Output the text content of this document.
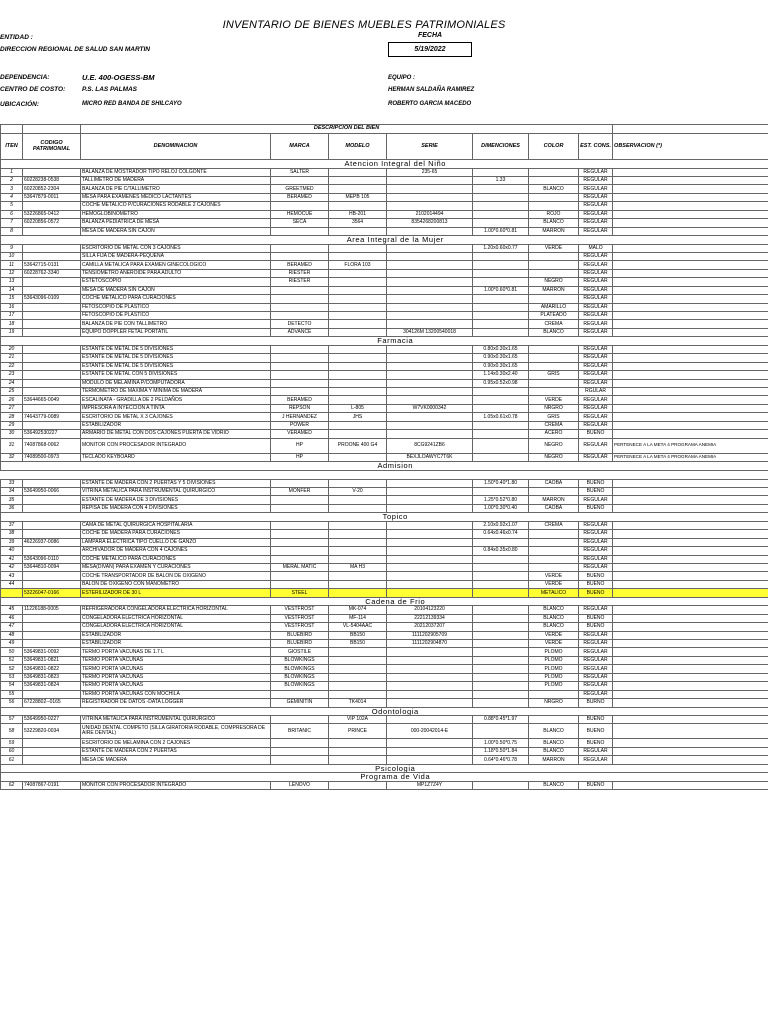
INVENTARIO DE BIENES MUEBLES PATRIMONIALES
FECHA
5/19/2022
ENTIDAD :
DIRECCION REGIONAL DE SALUD SAN MARTIN
DEPENDENCIA:	U.E. 400-OGESS-BM
CENTRO DE COSTO:	P.S. LAS PALMAS
UBICACIÓN:	MICRO RED BANDA DE SHILCAYO
EQUIPO :
HERMAN SALDAÑA RAMIREZ
ROBERTO GARCIA MACEDO
		DESCRIPCION DEL BIEN							
ITEN	CODIGO PATRIMONIAL	DENOMINACION	MARCA	MODELO	SERIE	DIMENCIONES	COLOR	EST. CONS.	OBSERVACION (*)
	Atencion Integral del Niño								
1		BALANZA DE MOSTRADOR TIPO RELOJ COLGONTE	SALTER		235-65			REGULAR	
2	60228238-0538	TALLIMETRO DE MADERA				1.33		REGULAR	
3	60220852-2304	BALANZA DE PIE C/TALLIMETRO	GREETMED				BLANCO	REGULAR	
4	53647879-0011	MESA PARA EXAMENES MEDICO LACTANTES	BERAMED	MEPB 105				REGULAR	
5		COCHE METALICO P/CURACIONES RODABLE 2 CAJONES						REGULAR	
6	53226865-0412	HEMOGLOBINOMETRO	HEMOCUE	HB-201	2102014494		ROJO	REGULAR	
7	60220856-0572	BALANZA PEDIATRICA DE MESA	SECA	3564	8354268200813		BLANCO	REGULAR	
8		MESA DE MADERA SIN CAJON				1.00*0.60*0.81	MARRON	REGULAR	
	Area Integral de la Mujer								
9		ESCRITORIO DE METAL CON 3 CAJONES				1.20x0.60x0.77	VERDE	MALO	
10		SILLA FIJA DE MADERA-PEQUEÑA						REGULAR	
11	53642715-0131	CAMILLA METALICA PARA EXAMEN GINECOLOGICO	BERAMED	FLORA 103				REGULAR	
12	60228762-3340	TENSIOMETRO ANEROIDE PARA ADULTO	RIESTER					REGULAR	
13		ESTETOSCOPIO	RIESTER				NEGRO	REGULAR	
14		MESA DE MADERA SIN CAJON				1.00*0.60*0.81	MARRON	REGULAR	
15	53643096-0109	COCHE METALICO PARA CURACIONES						REGULAR	
16		FETOSCOPIO DE PLASTICO					AMARILLO	REGULAR	
17		FETOSCOPIO DE PLASTICO					PLATEADO	REGULAR	
18		BALANZA DE PIE CON TALLIMETRO	DETECTO				CREMA	REGULAR	
19		EQUIPO DOPPLER FETAL PORTATIL	ADVANCE		304126M 13200540018		BLANCO	REGULAR	
	Farmacia								
20		ESTANTE DE METAL DE 5 DIVISIONES				0.80x0.30x1.65		REGULAR	
21		ESTANTE DE METAL DE 5 DIVISIONES				0.90x0.30x1.65		REGULAR	
22		ESTANTE DE METAL DE 5 DIVISIONES				0.90x0.30x1.65		REGULAR	
23		ESTANTE DE METAL CON 5 DIVISIONES				1.14x0.30x2.40	GRIS	REGULAR	
24		MODULO DE MELAMINA P/COMPUTADORA				0.95x0.52x0.98		REGULAR	
25		TERMOMETRO DE MAXIMA Y MINIMA DE MADERA						RGULAR	
26	53644665-0049	ESCALINATA - GRADILLA DE 2 PELDAÑOS	BERAMED				VERDE	REGULAR	
27		IMPRESORA A INYECCION A TINTA	REPSON	L-805	W7VK0000342		NRGRO	REGULAR	
28	74643779-0089	ESCRITORIO DE METAL X 3 CAJONES	J HERNANDEZ	JHS		1.05x0.61x0.78	GRIS	REGULAR	
29		ESTABILIZADOR	POWER				CREMA	REGULAR	
30	536492530227	ARMARIO DE METAL CON DOS CAJONES PUERTA DE VIDRIO	VERAMED				ACERO	BUENO	
31	74087868-0062	MONITOR CON PROCESADOR INTEGRADO	HP	PROONE 400 G4	8CG9241ZB6		NEGRO	REGULAR	PERTENECE A LA META 4 PROGRAMA ANEMIA
32	74089500-0973	TECLADO KEYBOARD	HP		BEXJLOAWYC7T6K		NEGRO	REGULAR	PERTENECE A LA META 4 PROGRAMA ANEMIA
	Admision								

33		ESTANTE DE MADERA CON 2 PUERTAS Y 5 DIVISIONES				1.50*0.40*1.80	CAOBA	BUENO	
34	53649950-0066	VITRINA METALICA PARA INSTRUMENTAL QUIRURGICO	MONFER	V-20				BUENO	
35		ESTANTE DE MADERA DE 3 DIVISIONES				1.25*0.52*0.80	MARRON	REGULAR	
36		REPISA DE MADERA CON 4 DIVISIONES				1.00*0.30*0.40	CAOBA	BUENO	
	Topico								
37		CAMA DE METAL QUIRURGICA HOSPITALARIA				2.10x0.92x1.07	CREMA	REGULAR	
38		COCHE DE MADERA PARA CURACIONES				0.64x0.46x0.74		REGULAR	
39	46226937-0086	LAMPARA ELECTRICA TIPO CUELLO DE GANZO						REGULAR	
40		ARCHIVADOR DE MADERA CON 4 CAJONES				0.84x0.35x0.80		REGULAR	
41	53643096-0110	COCHE METALICO PARA CURACIONES						REGULAR	
42	53644810-0094	MESA(DIVAN) PARA EXAMEN Y CURACIONES	MERAL MATIC	MA H3				REGULAR	
43		COCHE TRANSPORTADOR DE BALON DE OXIGENO					VERDE	BUENO	
44		BALON DE OXIGENO CON MANOMETRO					VERDE	BUENO	
	53226047-0166	ESTERILIZADOR DE 30 L	STEEL				METALICO	BUENO	
	Cadena de Frio								
45	11226188-0005	REFRIGERADORA CONGELADORA ELECTRICA HORIZONTAL	VESTFROST	MK-074	20104123220		BLANCO	REGULAR	
46		CONGELADORA ELECTRICA HORIZONTAL	VESTFROST	MF-114	22212139334		BLANCO	BUENO	
47		CONGELADORA ELECTRICA HORIZONTAL	VESTFROST	VL-5404AAC	20212037207		BLANCO	BUENO	
48		ESTABILIZADOR	BLUEBIRD	BB150	1111202905709		VERDE	REGULAR	
49		ESTABILIZADOR	BLUEBIRD	BB150	1111202904870		VERDE	REGULAR	
50	53649831-0092	TERMO PORTA VACUNAS DE 1.7 L	GIOSTILE				PLOMO	REGULAR	
51	53649831-0821	TERMO PORTA VACUNAS	BLOWKINGS				PLOMO	REGULAR	
52	53649831-0822	TERMO PORTA VACUNAS	BLOWKINGS				PLOMO	REGULAR	
53	53649831-0823	TERMO PORTA VACUNAS	BLOWKINGS				PLOMO	REGULAR	
54	53649831-0824	TERMO PORTA VACUNAS	BLOWKINGS				PLOMO	REGULAR	
55		TERMO PORTA VACUNAS CON MOCHILA						REGULAR	
56	67228802--0165	REGISTRADOR DE DATOS -DATA LOGGER	GEMINITIN	TK4014			NRGRO	BURNO	
	Odontologia								
57	53649950-0227	VITRINA METALICA PARA INSTRUMENTAL QUIRURGICO		VIP 102A		0.88*0.45*1.97		BUENO	
58	53229820-0034	UNIDAD DENTAL COMPETO (SILLA GIRATORIA RODABLE, COMPRESORA DE AIRE DENTAL)	BRITANIC	PRINCE	000-20042014-E		BLANCO	BUENO	
59		ESCRITORIO DE MELAMINA CON 2 CAJONES				1.00*0.50*0.75	BLANCO	BUENO	
60		ESTANTE DE MADERA CON 2 PUERTAS				1.18*0.50*1.84	BLANCO	REGULAR	
61		MESA DE MADERA				0.64*0.46*0.78	MARRON	REGULAR	
	Psicologia								
	Programa de Vida								
62	74087867-0191	MONITOR CON PROCESADOR INTEGRADO	LENOVO		MP1Z7Z4Y		BLANCO	BUENO	
